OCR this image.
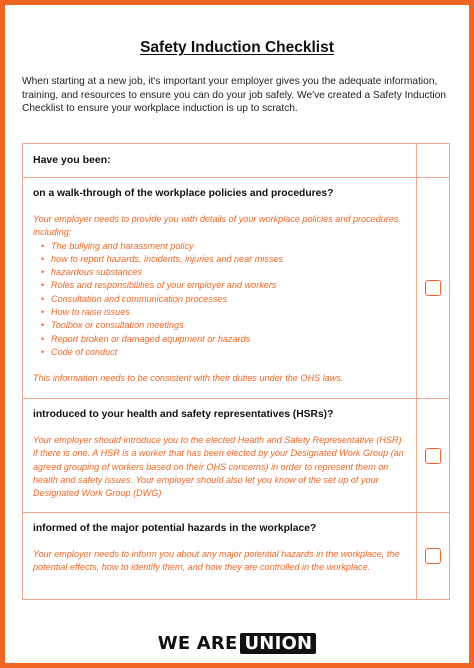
Safety Induction Checklist
When starting at a new job, it's important your employer gives you the adequate information, training, and resources to ensure you can do your job safely. We've created a Safety Induction Checklist to ensure your workplace induction is up to scratch.
Have you been:
on a walk-through of the workplace policies and procedures?
Your employer needs to provide you with details of your workplace policies and procedures including:
• The bullying and harassment policy
• how to report hazards, incidents, injuries and near misses
• hazardous substances
• Roles and responsibilities of your employer and workers
• Consultation and communication processes
• How to raise issues
• Toolbox or consultation meetings
• Report broken or damaged equipment or hazards
• Code of conduct
This information needs to be consistent with their duties under the OHS laws.
introduced to your health and safety representatives (HSRs)?
Your employer should introduce you to the elected Health and Safety Representative (HSR) if there is one. A HSR is a worker that has been elected by your Designated Work Group (an agreed grouping of workers based on their OHS concerns) in order to represent them on health and safety issues. Your employer should also let you know of the set up of your Designated Work Group (DWG)
informed of the major potential hazards in the workplace?
Your employer needs to inform you about any major potential hazards in the workplace, the potential effects, how to identify them, and how they are controlled in the workplace.
WE ARE UNION
